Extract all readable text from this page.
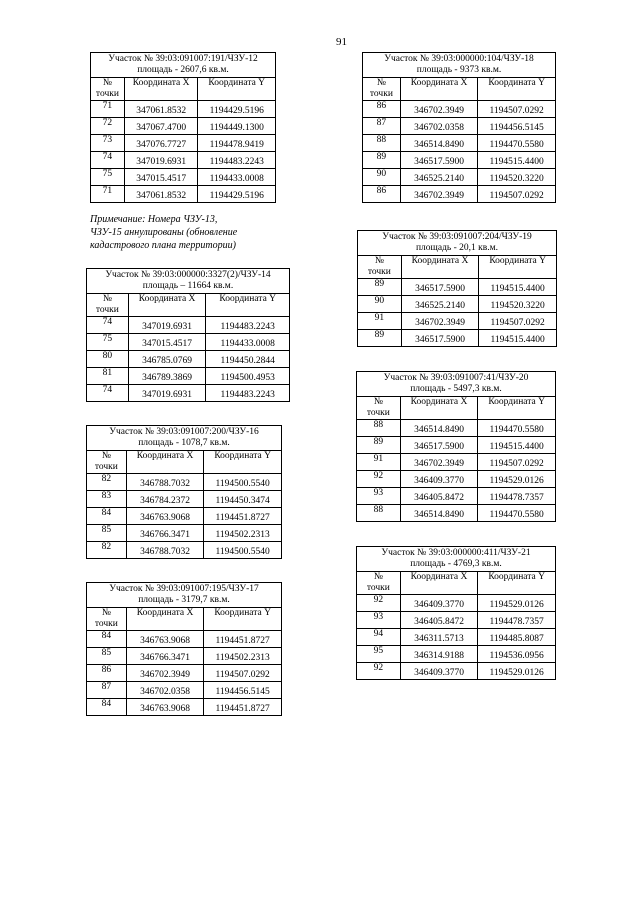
91
Примечание: Номера ЧЗУ-13,
ЧЗУ-15 аннулированы (обновление
кадастрового плана территории)
Участок № 39:03:091007:191/ЧЗУ-12
площадь - 2607,6 кв.м.		

№
точки	Координата X	Координата Y
71	347061.8532	1194429.5196
72	347067.4700	1194449.1300
73	347076.7727	1194478.9419
74	347019.6931	1194483.2243
75	347015.4517	1194433.0008
71	347061.8532	1194429.5196
Участок № 39:03:000000:3327(2)/ЧЗУ-14
площадь – 11664 кв.м.		

№
точки	Координата X	Координата Y
74	347019.6931	1194483.2243
75	347015.4517	1194433.0008
80	346785.0769	1194450.2844
81	346789.3869	1194500.4953
74	347019.6931	1194483.2243
Участок № 39:03:091007:200/ЧЗУ-16
площадь - 1078,7 кв.м.		

№
точки	Координата X	Координата Y
82	346788.7032	1194500.5540
83	346784.2372	1194450.3474
84	346763.9068	1194451.8727
85	346766.3471	1194502.2313
82	346788.7032	1194500.5540
Участок № 39:03:091007:195/ЧЗУ-17
площадь - 3179,7 кв.м.		

№
точки	Координата X	Координата Y
84	346763.9068	1194451.8727
85	346766.3471	1194502.2313
86	346702.3949	1194507.0292
87	346702.0358	1194456.5145
84	346763.9068	1194451.8727
Участок № 39:03:000000:104/ЧЗУ-18
площадь - 9373 кв.м.		

№
точки	Координата X	Координата Y
86	346702.3949	1194507.0292
87	346702.0358	1194456.5145
88	346514.8490	1194470.5580
89	346517.5900	1194515.4400
90	346525.2140	1194520.3220
86	346702.3949	1194507.0292
Участок № 39:03:091007:204/ЧЗУ-19
площадь - 20,1 кв.м.		

№
точки	Координата X	Координата Y
89	346517.5900	1194515.4400
90	346525.2140	1194520.3220
91	346702.3949	1194507.0292
89	346517.5900	1194515.4400
Участок № 39:03:091007:41/ЧЗУ-20
площадь - 5497,3 кв.м.		

№
точки	Координата X	Координата Y
88	346514.8490	1194470.5580
89	346517.5900	1194515.4400
91	346702.3949	1194507.0292
92	346409.3770	1194529.0126
93	346405.8472	1194478.7357
88	346514.8490	1194470.5580
Участок № 39:03:000000:411/ЧЗУ-21
площадь - 4769,3 кв.м.		

№
точки	Координата X	Координата Y
92	346409.3770	1194529.0126
93	346405.8472	1194478.7357
94	346311.5713	1194485.8087
95	346314.9188	1194536.0956
92	346409.3770	1194529.0126
